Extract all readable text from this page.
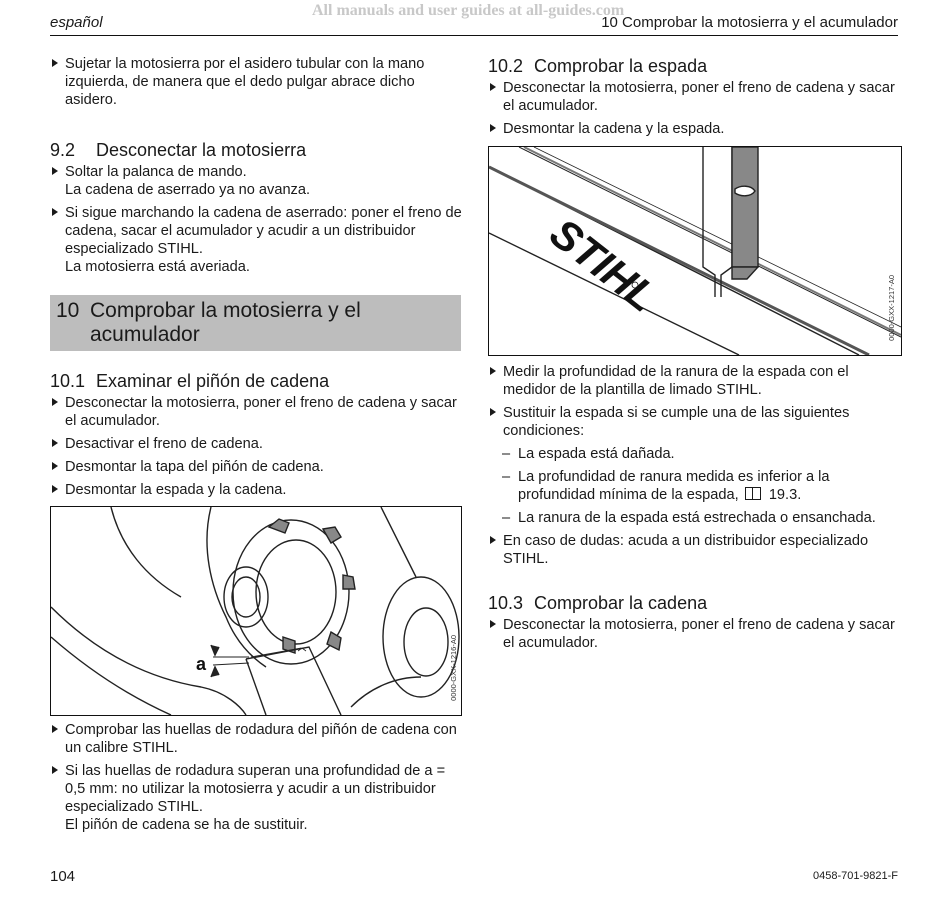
All manuals and user guides at all-guides.com
español	10 Comprobar la motosierra y el acumulador

Sujetar la motosierra por el asidero tubular con la mano izquierda, de manera que el dedo pulgar abrace dicho asidero.

9.2 Desconectar la motosierra

Soltar la palanca de mando.

La cadena de aserrado ya no avanza.

Si sigue marchando la cadena de aserrado: poner el freno de cadena, sacar el acumulador y acudir a un distribuidor especializado STIHL.

La motosierra está averiada.

10 Comprobar la motosierra y el
acumulador
10.1 Examinar el piñón de cadena

Desconectar la motosierra, poner el freno de cadena y sacar el acumulador.

Desactivar el freno de cadena.

Desmontar la tapa del piñón de cadena.

Desmontar la espada y la cadena.

a	0000-GXX-1216-A0

Comprobar las huellas de rodadura del piñón de cadena con un calibre STIHL.

Si las huellas de rodadura superan una profundidad de a = 0,5 mm: no utilizar la motosierra y acudir a un distribuidor especializado STIHL.

El piñón de cadena se ha de sustituir.

10.2 Comprobar la espada

Desconectar la motosierra, poner el freno de cadena y sacar el acumulador.

Desmontar la cadena y la espada.

STIHL	0000-GXX-1217-A0

Medir la profundidad de la ranura de la espada con el medidor de la plantilla de limado STIHL.

Sustituir la espada si se cumple una de las siguientes condiciones:

– La espada está dañada.

– La profundidad de ranura medida es inferior a la profundidad mínima de la espada, 19.3.

– La ranura de la espada está estrechada o ensanchada.

En caso de dudas: acuda a un distribuidor especializado STIHL.

10.3 Comprobar la cadena

Desconectar la motosierra, poner el freno de cadena y sacar el acumulador.

104	0458-701-9821-F
